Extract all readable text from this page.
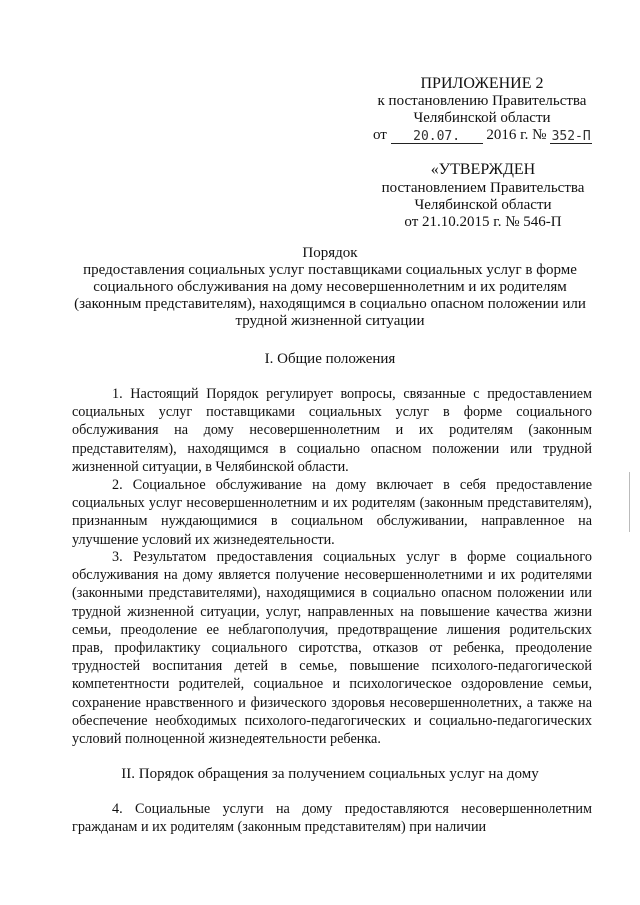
ПРИЛОЖЕНИЕ 2
к постановлению Правительства
Челябинской области
от 20.07. 2016 г. № 352-П
«УТВЕРЖДЕН
постановлением Правительства
Челябинской области
от 21.10.2015 г. № 546-П
Порядок
предоставления социальных услуг поставщиками социальных услуг в форме
социального обслуживания на дому несовершеннолетним и их родителям
(законным представителям), находящимся в социально опасном положении или
трудной жизненной ситуации
I. Общие положения

1. Настоящий Порядок регулирует вопросы, связанные с предоставлением социальных услуг поставщиками социальных услуг в форме социального обслуживания на дому несовершеннолетним и их родителям (законным представителям), находящимся в социально опасном положении или трудной жизненной ситуации, в Челябинской области.

2. Социальное обслуживание на дому включает в себя предоставление социальных услуг несовершеннолетним и их родителям (законным представителям), признанным нуждающимися в социальном обслуживании, направленное на улучшение условий их жизнедеятельности.

3. Результатом предоставления социальных услуг в форме социального обслуживания на дому является получение несовершеннолетними и их родителями (законными представителями), находящимися в социально опасном положении или трудной жизненной ситуации, услуг, направленных на повышение качества жизни семьи, преодоление ее неблагополучия, предотвращение лишения родительских прав, профилактику социального сиротства, отказов от ребенка, преодоление трудностей воспитания детей в семье, повышение психолого-педагогической компетентности родителей, социальное и психологическое оздоровление семьи, сохранение нравственного и физического здоровья несовершеннолетних, а также на обеспечение необходимых психолого-педагогических и социально-педагогических условий полноценной жизнедеятельности ребенка.

II. Порядок обращения за получением социальных услуг на дому

4. Социальные услуги на дому предоставляются несовершеннолетним гражданам и их родителям (законным представителям) при наличии
